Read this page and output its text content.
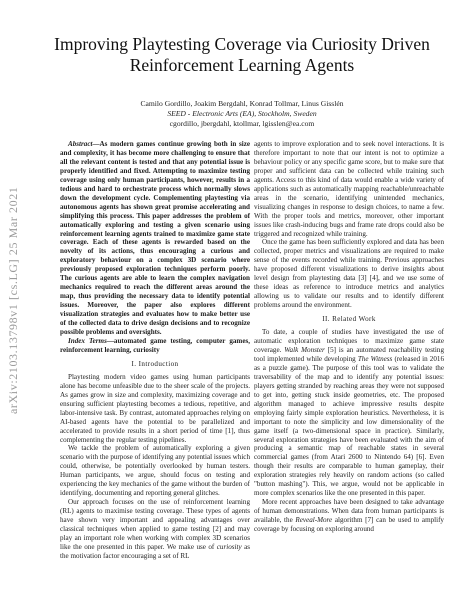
arXiv:2103.13798v1 [cs.LG] 25 Mar 2021
Improving Playtesting Coverage via Curiosity Driven Reinforcement Learning Agents
Camilo Gordillo, Joakim Bergdahl, Konrad Tollmar, Linus Gisslén
SEED - Electronic Arts (EA), Stockholm, Sweden
cgordillo, jbergdahl, ktollmar, lgisslen@ea.com

Abstract—As modern games continue growing both in size and complexity, it has become more challenging to ensure that all the relevant content is tested and that any potential issue is properly identified and fixed. Attempting to maximize testing coverage using only human participants, however, results in a tedious and hard to orchestrate process which normally slows down the development cycle. Complementing playtesting via autonomous agents has shown great promise accelerating and simplifying this process. This paper addresses the problem of automatically exploring and testing a given scenario using reinforcement learning agents trained to maximize game state coverage. Each of these agents is rewarded based on the novelty of its actions, thus encouraging a curious and exploratory behaviour on a complex 3D scenario where previously proposed exploration techniques perform poorly. The curious agents are able to learn the complex navigation mechanics required to reach the different areas around the map, thus providing the necessary data to identify potential issues. Moreover, the paper also explores different visualization strategies and evaluates how to make better use of the collected data to drive design decisions and to recognize possible problems and oversights.

Index Terms—automated game testing, computer games, reinforcement learning, curiosity

I. Introduction

Playtesting modern video games using human participants alone has become unfeasible due to the sheer scale of the projects. As games grow in size and complexity, maximizing coverage and ensuring sufficient playtesting becomes a tedious, repetitive, and labor-intensive task. By contrast, automated approaches relying on AI-based agents have the potential to be parallelized and accelerated to provide results in a short period of time [1], thus complementing the regular testing pipelines.

We tackle the problem of automatically exploring a given scenario with the purpose of identifying any potential issues which could, otherwise, be potentially overlooked by human testers. Human participants, we argue, should focus on testing and experiencing the key mechanics of the game without the burden of identifying, documenting and reporting general glitches.

Our approach focuses on the use of reinforcement learning (RL) agents to maximise testing coverage. These types of agents have shown very important and appealing advantages over classical techniques when applied to game testing [2] and may play an important role when working with complex 3D scenarios like the one presented in this paper. We make use of curiosity as the motivation factor encouraging a set of RL

agents to improve exploration and to seek novel interactions. It is therefore important to note that our intent is not to optimize a behaviour policy or any specific game score, but to make sure that proper and sufficient data can be collected while training such agents. Access to this kind of data would enable a wide variety of applications such as automatically mapping reachable/unreachable areas in the scenario, identifying unintended mechanics, visualizing changes in response to design choices, to name a few. With the proper tools and metrics, moreover, other important issues like crash-inducing bugs and frame rate drops could also be triggered and recognized while training.

Once the game has been sufficiently explored and data has been collected, proper metrics and visualizations are required to make sense of the events recorded while training. Previous approaches have proposed different visualizations to derive insights about level design from playtesting data [3] [4], and we use some of these ideas as reference to introduce metrics and analytics allowing us to validate our results and to identify different problems around the environment.

II. Related Work

To date, a couple of studies have investigated the use of automatic exploration techniques to maximize game state coverage. Walk Monster [5] is an automated reachability testing tool implemented while developing The Witness (released in 2016 as a puzzle game). The purpose of this tool was to validate the traversability of the map and to identify any potential issues: players getting stranded by reaching areas they were not supposed to get into, getting stuck inside geometries, etc. The proposed algorithm managed to achieve impressive results despite employing fairly simple exploration heuristics. Nevertheless, it is important to note the simplicity and low dimensionality of the game itself (a two-dimensional space in practice). Similarly, several exploration strategies have been evaluated with the aim of producing a semantic map of reachable states in several commercial games (from Atari 2600 to Nintendo 64) [6]. Even though their results are comparable to human gameplay, their exploration strategies rely heavily on random actions (so called "button mashing"). This, we argue, would not be applicable in more complex scenarios like the one presented in this paper.

More recent approaches have been designed to take advantage of human demonstrations. When data from human participants is available, the Reveal-More algorithm [7] can be used to amplify coverage by focusing on exploring around
